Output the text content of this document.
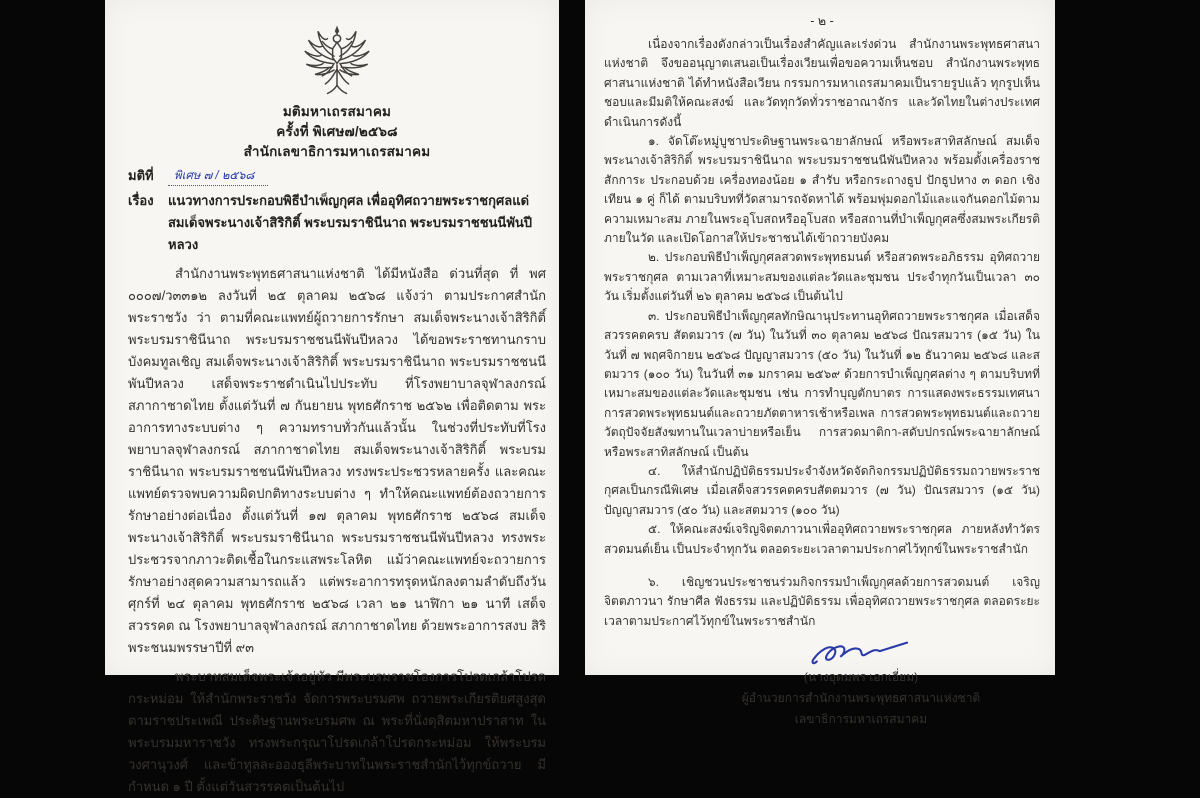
มติมหาเถรสมาคม
ครั้งที่ พิเศษ๗/๒๕๖๘
สำนักเลขาธิการมหาเถรสมาคม
มติที่	พิเศษ ๗ / ๒๕๖๘
เรื่อง	แนวทางการประกอบพิธีบำเพ็ญกุศล เพื่ออุทิศถวายพระราชกุศลแด่สมเด็จพระนางเจ้าสิริกิติ์ พระบรมราชินีนาถ พระบรมราชชนนีพันปีหลวง

สำนักงานพระพุทธศาสนาแห่งชาติ ได้มีหนังสือ ด่วนที่สุด ที่ พศ ๐๐๐๗/ว๓๓๑๒ ลงวันที่ ๒๕ ตุลาคม ๒๕๖๘ แจ้งว่า ตามประกาศสำนักพระราชวัง ว่า ตามที่คณะแพทย์ผู้ถวายการรักษา สมเด็จพระนางเจ้าสิริกิติ์ พระบรมราชินีนาถ พระบรมราชชนนีพันปีหลวง ได้ขอพระราชทานกราบบังคมทูลเชิญ สมเด็จพระนางเจ้าสิริกิติ์ พระบรมราชินีนาถ พระบรมราชชนนีพันปีหลวง เสด็จพระราชดำเนินไปประทับ ที่โรงพยาบาลจุฬาลงกรณ์ สภากาชาดไทย ตั้งแต่วันที่ ๗ กันยายน พุทธศักราช ๒๕๖๒ เพื่อติดตาม พระอาการทางระบบต่าง ๆ ความทราบทั่วกันแล้วนั้น ในช่วงที่ประทับที่โรงพยาบาลจุฬาลงกรณ์ สภากาชาดไทย สมเด็จพระนางเจ้าสิริกิติ์ พระบรมราชินีนาถ พระบรมราชชนนีพันปีหลวง ทรงพระประชวรหลายครั้ง และคณะแพทย์ตรวจพบความผิดปกติทางระบบต่าง ๆ ทำให้คณะแพทย์ต้องถวายการรักษาอย่างต่อเนื่อง ตั้งแต่วันที่ ๑๗ ตุลาคม พุทธศักราช ๒๕๖๘ สมเด็จพระนางเจ้าสิริกิติ์ พระบรมราชินีนาถ พระบรมราชชนนีพันปีหลวง ทรงพระประชวรจากภาวะติดเชื้อในกระแสพระโลหิต แม้ว่าคณะแพทย์จะถวายการรักษาอย่างสุดความสามารถแล้ว แต่พระอาการทรุดหนักลงตามลำดับถึงวันศุกร์ที่ ๒๔ ตุลาคม พุทธศักราช ๒๕๖๘ เวลา ๒๑ นาฬิกา ๒๑ นาที เสด็จสวรรคต ณ โรงพยาบาลจุฬาลงกรณ์ สภากาชาดไทย ด้วยพระอาการสงบ สิริพระชนมพรรษาปีที่ ๙๓

พระบาทสมเด็จพระเจ้าอยู่หัว มีพระบรมราชโองการโปรดเกล้าโปรดกระหม่อม ให้สำนักพระราชวัง จัดการพระบรมศพ ถวายพระเกียรติยศสูงสุดตามราชประเพณี ประดิษฐานพระบรมศพ ณ พระที่นั่งดุสิตมหาปราสาท ในพระบรมมหาราชวัง ทรงพระกรุณาโปรดเกล้าโปรดกระหม่อม ให้พระบรมวงศานุวงศ์ และข้าทูลละอองธุลีพระบาทในพระราชสำนักไว้ทุกข์ถวาย มีกำหนด ๑ ปี ตั้งแต่วันสวรรคตเป็นต้นไป

- ๒ -

เนื่องจากเรื่องดังกล่าวเป็นเรื่องสำคัญและเร่งด่วน สำนักงานพระพุทธศาสนาแห่งชาติ จึงขออนุญาตเสนอเป็นเรื่องเวียนเพื่อขอความเห็นชอบ สำนักงานพระพุทธศาสนาแห่งชาติ ได้ทำหนังสือเวียน กรรมการมหาเถรสมาคมเป็นรายรูปแล้ว ทุกรูปเห็นชอบและมีมติให้คณะสงฆ์ และวัดทุกวัดทั่วราชอาณาจักร และวัดไทยในต่างประเทศ ดำเนินการดังนี้

๑. จัดโต๊ะหมู่บูชาประดิษฐานพระฉายาลักษณ์ หรือพระสาทิสลักษณ์ สมเด็จพระนางเจ้าสิริกิติ์ พระบรมราชินีนาถ พระบรมราชชนนีพันปีหลวง พร้อมตั้งเครื่องราชสักการะ ประกอบด้วย เครื่องทองน้อย ๑ สำรับ หรือกระถางธูป ปักธูปหาง ๓ ดอก เชิงเทียน ๑ คู่ ก็ได้ ตามบริบทที่วัดสามารถจัดหาได้ พร้อมพุ่มดอกไม้และแจกันดอกไม้ตามความเหมาะสม ภายในพระอุโบสถหรืออุโบสถ หรือสถานที่บำเพ็ญกุศลซึ่งสมพระเกียรติภายในวัด และเปิดโอกาสให้ประชาชนได้เข้าถวายบังคม

๒. ประกอบพิธีบำเพ็ญกุศลสวดพระพุทธมนต์ หรือสวดพระอภิธรรม อุทิศถวายพระราชกุศล ตามเวลาที่เหมาะสมของแต่ละวัดและชุมชน ประจำทุกวันเป็นเวลา ๓๐ วัน เริ่มตั้งแต่วันที่ ๒๖ ตุลาคม ๒๕๖๘ เป็นต้นไป

๓. ประกอบพิธีบำเพ็ญกุศลทักษิณานุประทานอุทิศถวายพระราชกุศล เมื่อเสด็จสวรรคตครบ สัตตมวาร (๗ วัน) ในวันที่ ๓๐ ตุลาคม ๒๕๖๘ ปัณรสมวาร (๑๕ วัน) ในวันที่ ๗ พฤศจิกายน ๒๕๖๘ ปัญญาสมวาร (๕๐ วัน) ในวันที่ ๑๒ ธันวาคม ๒๕๖๘ และสตมวาร (๑๐๐ วัน) ในวันที่ ๓๑ มกราคม ๒๕๖๙ ด้วยการบำเพ็ญกุศลต่าง ๆ ตามบริบทที่เหมาะสมของแต่ละวัดและชุมชน เช่น การทำบุญตักบาตร การแสดงพระธรรมเทศนา การสวดพระพุทธมนต์และถวายภัตตาหารเช้าหรือเพล การสวดพระพุทธมนต์และถวายวัตถุปัจจัยสังฆทานในเวลาบ่ายหรือเย็น การสวดมาติกา-สดับปกรณ์พระฉายาลักษณ์หรือพระสาทิสลักษณ์ เป็นต้น

๔. ให้สำนักปฏิบัติธรรมประจำจังหวัดจัดกิจกรรมปฏิบัติธรรมถวายพระราชกุศลเป็นกรณีพิเศษ เมื่อเสด็จสวรรคตครบสัตตมวาร (๗ วัน) ปัณรสมวาร (๑๕ วัน) ปัญญาสมวาร (๕๐ วัน) และสตมวาร (๑๐๐ วัน)

๕. ให้คณะสงฆ์เจริญจิตตภาวนาเพื่ออุทิศถวายพระราชกุศล ภายหลังทำวัตรสวดมนต์เย็น เป็นประจำทุกวัน ตลอดระยะเวลาตามประกาศไว้ทุกข์ในพระราชสำนัก

๖. เชิญชวนประชาชนร่วมกิจกรรมบำเพ็ญกุศลด้วยการสวดมนต์ เจริญจิตตภาวนา รักษาศีล ฟังธรรม และปฏิบัติธรรม เพื่ออุทิศถวายพระราชกุศล ตลอดระยะเวลาตามประกาศไว้ทุกข์ในพระราชสำนัก

(นางอุดมพร เอกเอี่ยม)
ผู้อำนวยการสำนักงานพระพุทธศาสนาแห่งชาติ
เลขาธิการมหาเถรสมาคม
